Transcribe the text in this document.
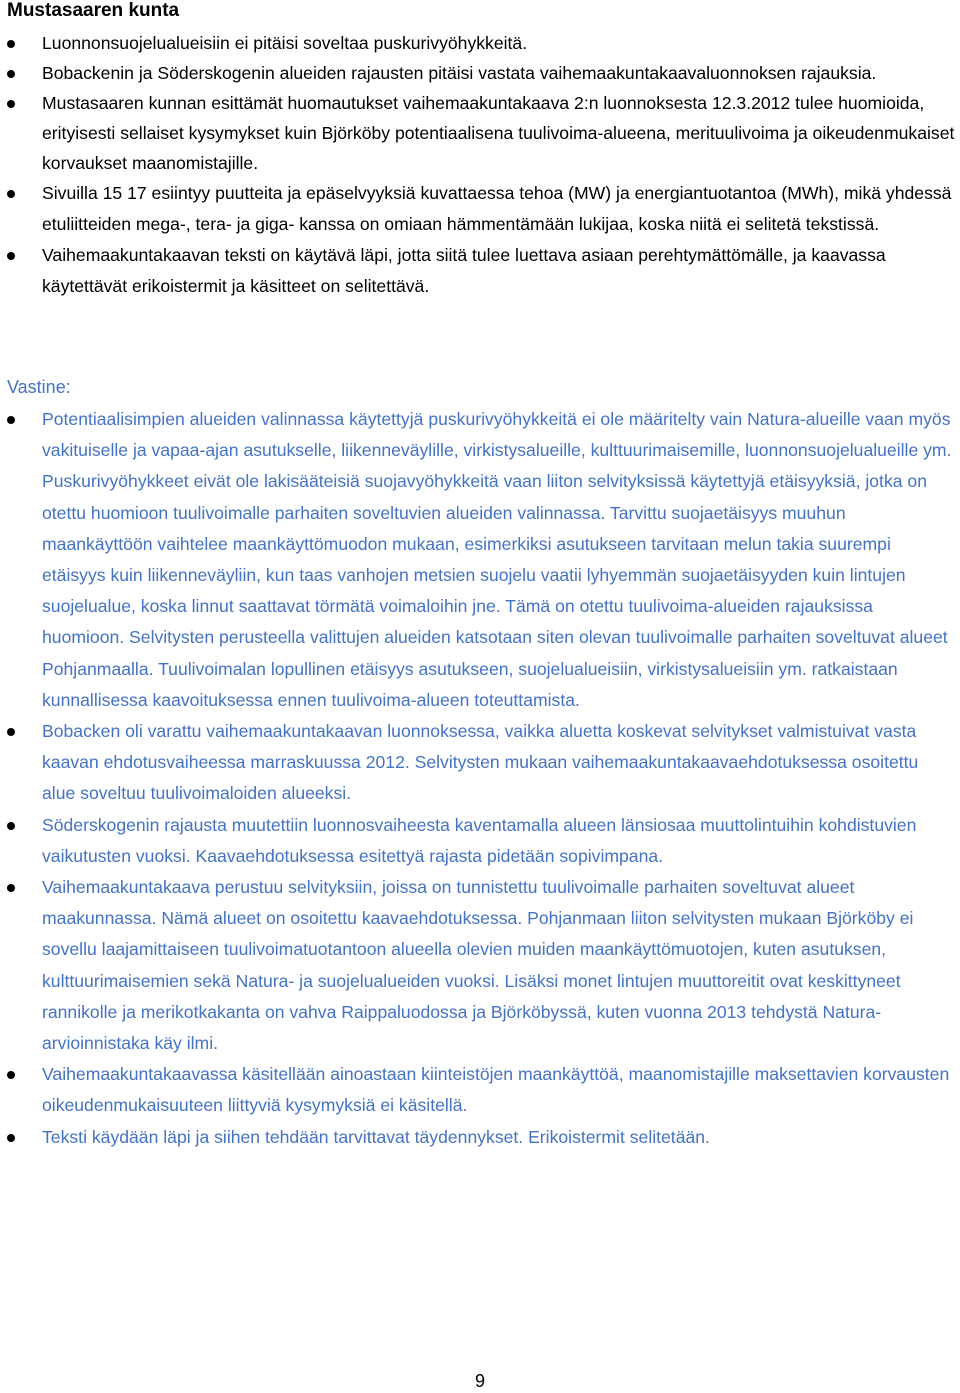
Mustasaaren kunta
Luonnonsuojelualueisiin ei pitäisi soveltaa puskurivyöhykkeitä.
Bobackenin ja Söderskogenin alueiden rajausten pitäisi vastata vaihemaakuntakaavaluonnoksen rajauksia.
Mustasaaren kunnan esittämät huomautukset vaihemaakuntakaava 2:n luonnoksesta 12.3.2012 tulee huomioida, erityisesti sellaiset kysymykset kuin Björköby potentiaalisena tuulivoima-alueena, merituulivoima ja oikeudenmukaiset korvaukset maanomistajille.
Sivuilla 15 17 esiintyy puutteita ja epäselvyyksiä kuvattaessa tehoa (MW) ja energiantuotantoa (MWh), mikä yhdessä etuliitteiden mega-, tera- ja giga- kanssa on omiaan hämmentämään lukijaa, koska niitä ei selitetä tekstissä.
Vaihemaakuntakaavan teksti on käytävä läpi, jotta siitä tulee luettava asiaan perehtymättömälle, ja kaavassa käytettävät erikoistermit ja käsitteet on selitettävä.
Vastine:
Potentiaalisimpien alueiden valinnassa käytettyjä puskurivyöhykkeitä ei ole määritelty vain Natura-alueille vaan myös vakituiselle ja vapaa-ajan asutukselle, liikenneväylille, virkistysalueille, kulttuurimaisemille, luonnonsuojelualueille ym. Puskurivyöhykkeet eivät ole lakisääteisiä suojavyöhykkeitä vaan liiton selvityksissä käytettyjä etäisyyksiä, jotka on otettu huomioon tuulivoimalle parhaiten soveltuvien alueiden valinnassa. Tarvittu suojaetäisyys muuhun maankäyttöön vaihtelee maankäyttömuodon mukaan, esimerkiksi asutukseen tarvitaan melun takia suurempi etäisyys kuin liikenneväyliin, kun taas vanhojen metsien suojelu vaatii lyhyemmän suojaetäisyyden kuin lintujen suojelualue, koska linnut saattavat törmätä voimaloihin jne. Tämä on otettu tuulivoima-alueiden rajauksissa huomioon. Selvitysten perusteella valittujen alueiden katsotaan siten olevan tuulivoimalle parhaiten soveltuvat alueet Pohjanmaalla. Tuulivoimalan lopullinen etäisyys asutukseen, suojelualueisiin, virkistysalueisiin ym. ratkaistaan kunnallisessa kaavoituksessa ennen tuulivoima-alueen toteuttamista.
Bobacken oli varattu vaihemaakuntakaavan luonnoksessa, vaikka aluetta koskevat selvitykset valmistuivat vasta kaavan ehdotusvaiheessa marraskuussa 2012. Selvitysten mukaan vaihemaakuntakaavaehdotuksessa osoitettu alue soveltuu tuulivoimaloiden alueeksi.
Söderskogenin rajausta muutettiin luonnosvaiheesta kaventamalla alueen länsiosaa muuttolintuihin kohdistuvien vaikutusten vuoksi. Kaavaehdotuksessa esitettyä rajasta pidetään sopivimpana.
Vaihemaakuntakaava perustuu selvityksiin, joissa on tunnistettu tuulivoimalle parhaiten soveltuvat alueet maakunnassa. Nämä alueet on osoitettu kaavaehdotuksessa. Pohjanmaan liiton selvitysten mukaan Björköby ei sovellu laajamittaiseen tuulivoimatuotantoon alueella olevien muiden maankäyttömuotojen, kuten asutuksen, kulttuurimaisemien sekä Natura- ja suojelualueiden vuoksi. Lisäksi monet lintujen muuttoreitit ovat keskittyneet rannikolle ja merikotkakanta on vahva Raippaluodossa ja Björköbyssä, kuten vuonna 2013 tehdystä Natura-arvioinnistaka käy ilmi.
Vaihemaakuntakaavassa käsitellään ainoastaan kiinteistöjen maankäyttöä, maanomistajille maksettavien korvausten oikeudenmukaisuuteen liittyviä kysymyksiä ei käsitellä.
Teksti käydään läpi ja siihen tehdään tarvittavat täydennykset. Erikoistermit selitetään.
9
